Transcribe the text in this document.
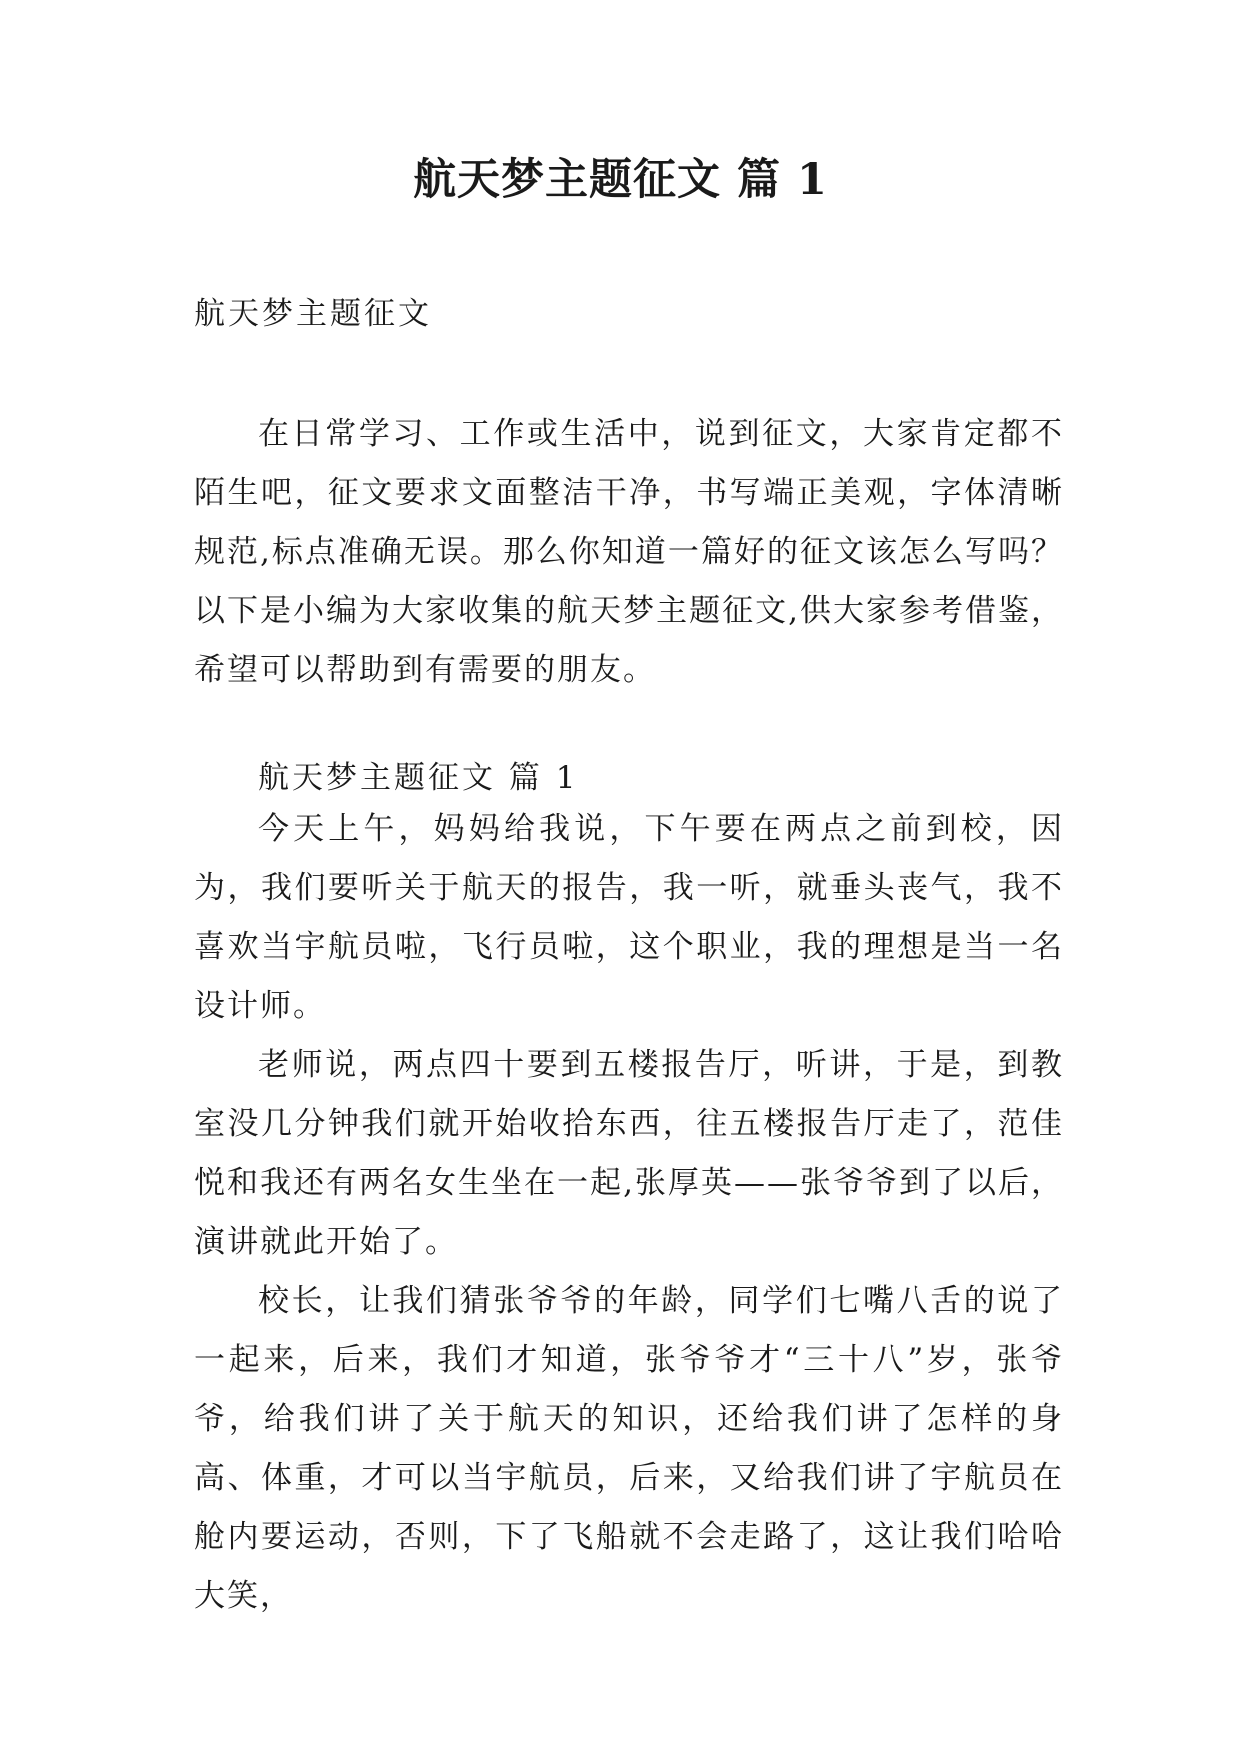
航天梦主题征文 篇 1
航天梦主题征文

在日常学习、工作或生活中，说到征文，大家肯定都不陌生吧，征文要求文面整洁干净，书写端正美观，字体清晰规范,标点准确无误。那么你知道一篇好的征文该怎么写吗？以下是小编为大家收集的航天梦主题征文,供大家参考借鉴，希望可以帮助到有需要的朋友。

航天梦主题征文 篇 1

今天上午，妈妈给我说，下午要在两点之前到校，因为，我们要听关于航天的报告，我一听，就垂头丧气，我不喜欢当宇航员啦，飞行员啦，这个职业，我的理想是当一名设计师。

老师说，两点四十要到五楼报告厅，听讲，于是，到教室没几分钟我们就开始收拾东西，往五楼报告厅走了，范佳悦和我还有两名女生坐在一起,张厚英——张爷爷到了以后，演讲就此开始了。

校长，让我们猜张爷爷的年龄，同学们七嘴八舌的说了一起来，后来，我们才知道，张爷爷才“三十八”岁，张爷爷，给我们讲了关于航天的知识，还给我们讲了怎样的身高、体重，才可以当宇航员，后来，又给我们讲了宇航员在舱内要运动，否则，下了飞船就不会走路了，这让我们哈哈大笑，
